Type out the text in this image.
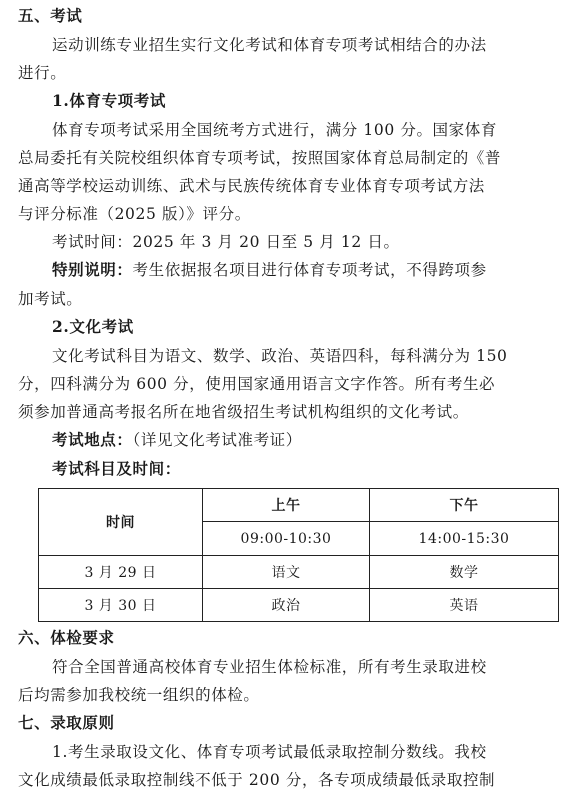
五、考试
运动训练专业招生实行文化考试和体育专项考试相结合的办法
进行。
1.体育专项考试
体育专项考试采用全国统考方式进行，满分 100 分。国家体育
总局委托有关院校组织体育专项考试，按照国家体育总局制定的《普
通高等学校运动训练、武术与民族传统体育专业体育专项考试方法
与评分标准（2025 版）》评分。
考试时间：2025 年 3 月 20 日至 5 月 12 日。
特别说明：考生依据报名项目进行体育专项考试，不得跨项参
加考试。
2.文化考试
文化考试科目为语文、数学、政治、英语四科，每科满分为 150
分，四科满分为 600 分，使用国家通用语言文字作答。所有考生必
须参加普通高考报名所在地省级招生考试机构组织的文化考试。
考试地点：（详见文化考试准考证）
考试科目及时间：
时间
上午	下午
09:00-10:30	14:00-15:30
3 月 29 日	语文	数学
3 月 30 日	政治	英语
六、体检要求
符合全国普通高校体育专业招生体检标准，所有考生录取进校
后均需参加我校统一组织的体检。
七、录取原则
1.考生录取设文化、体育专项考试最低录取控制分数线。我校
文化成绩最低录取控制线不低于 200 分，各专项成绩最低录取控制
